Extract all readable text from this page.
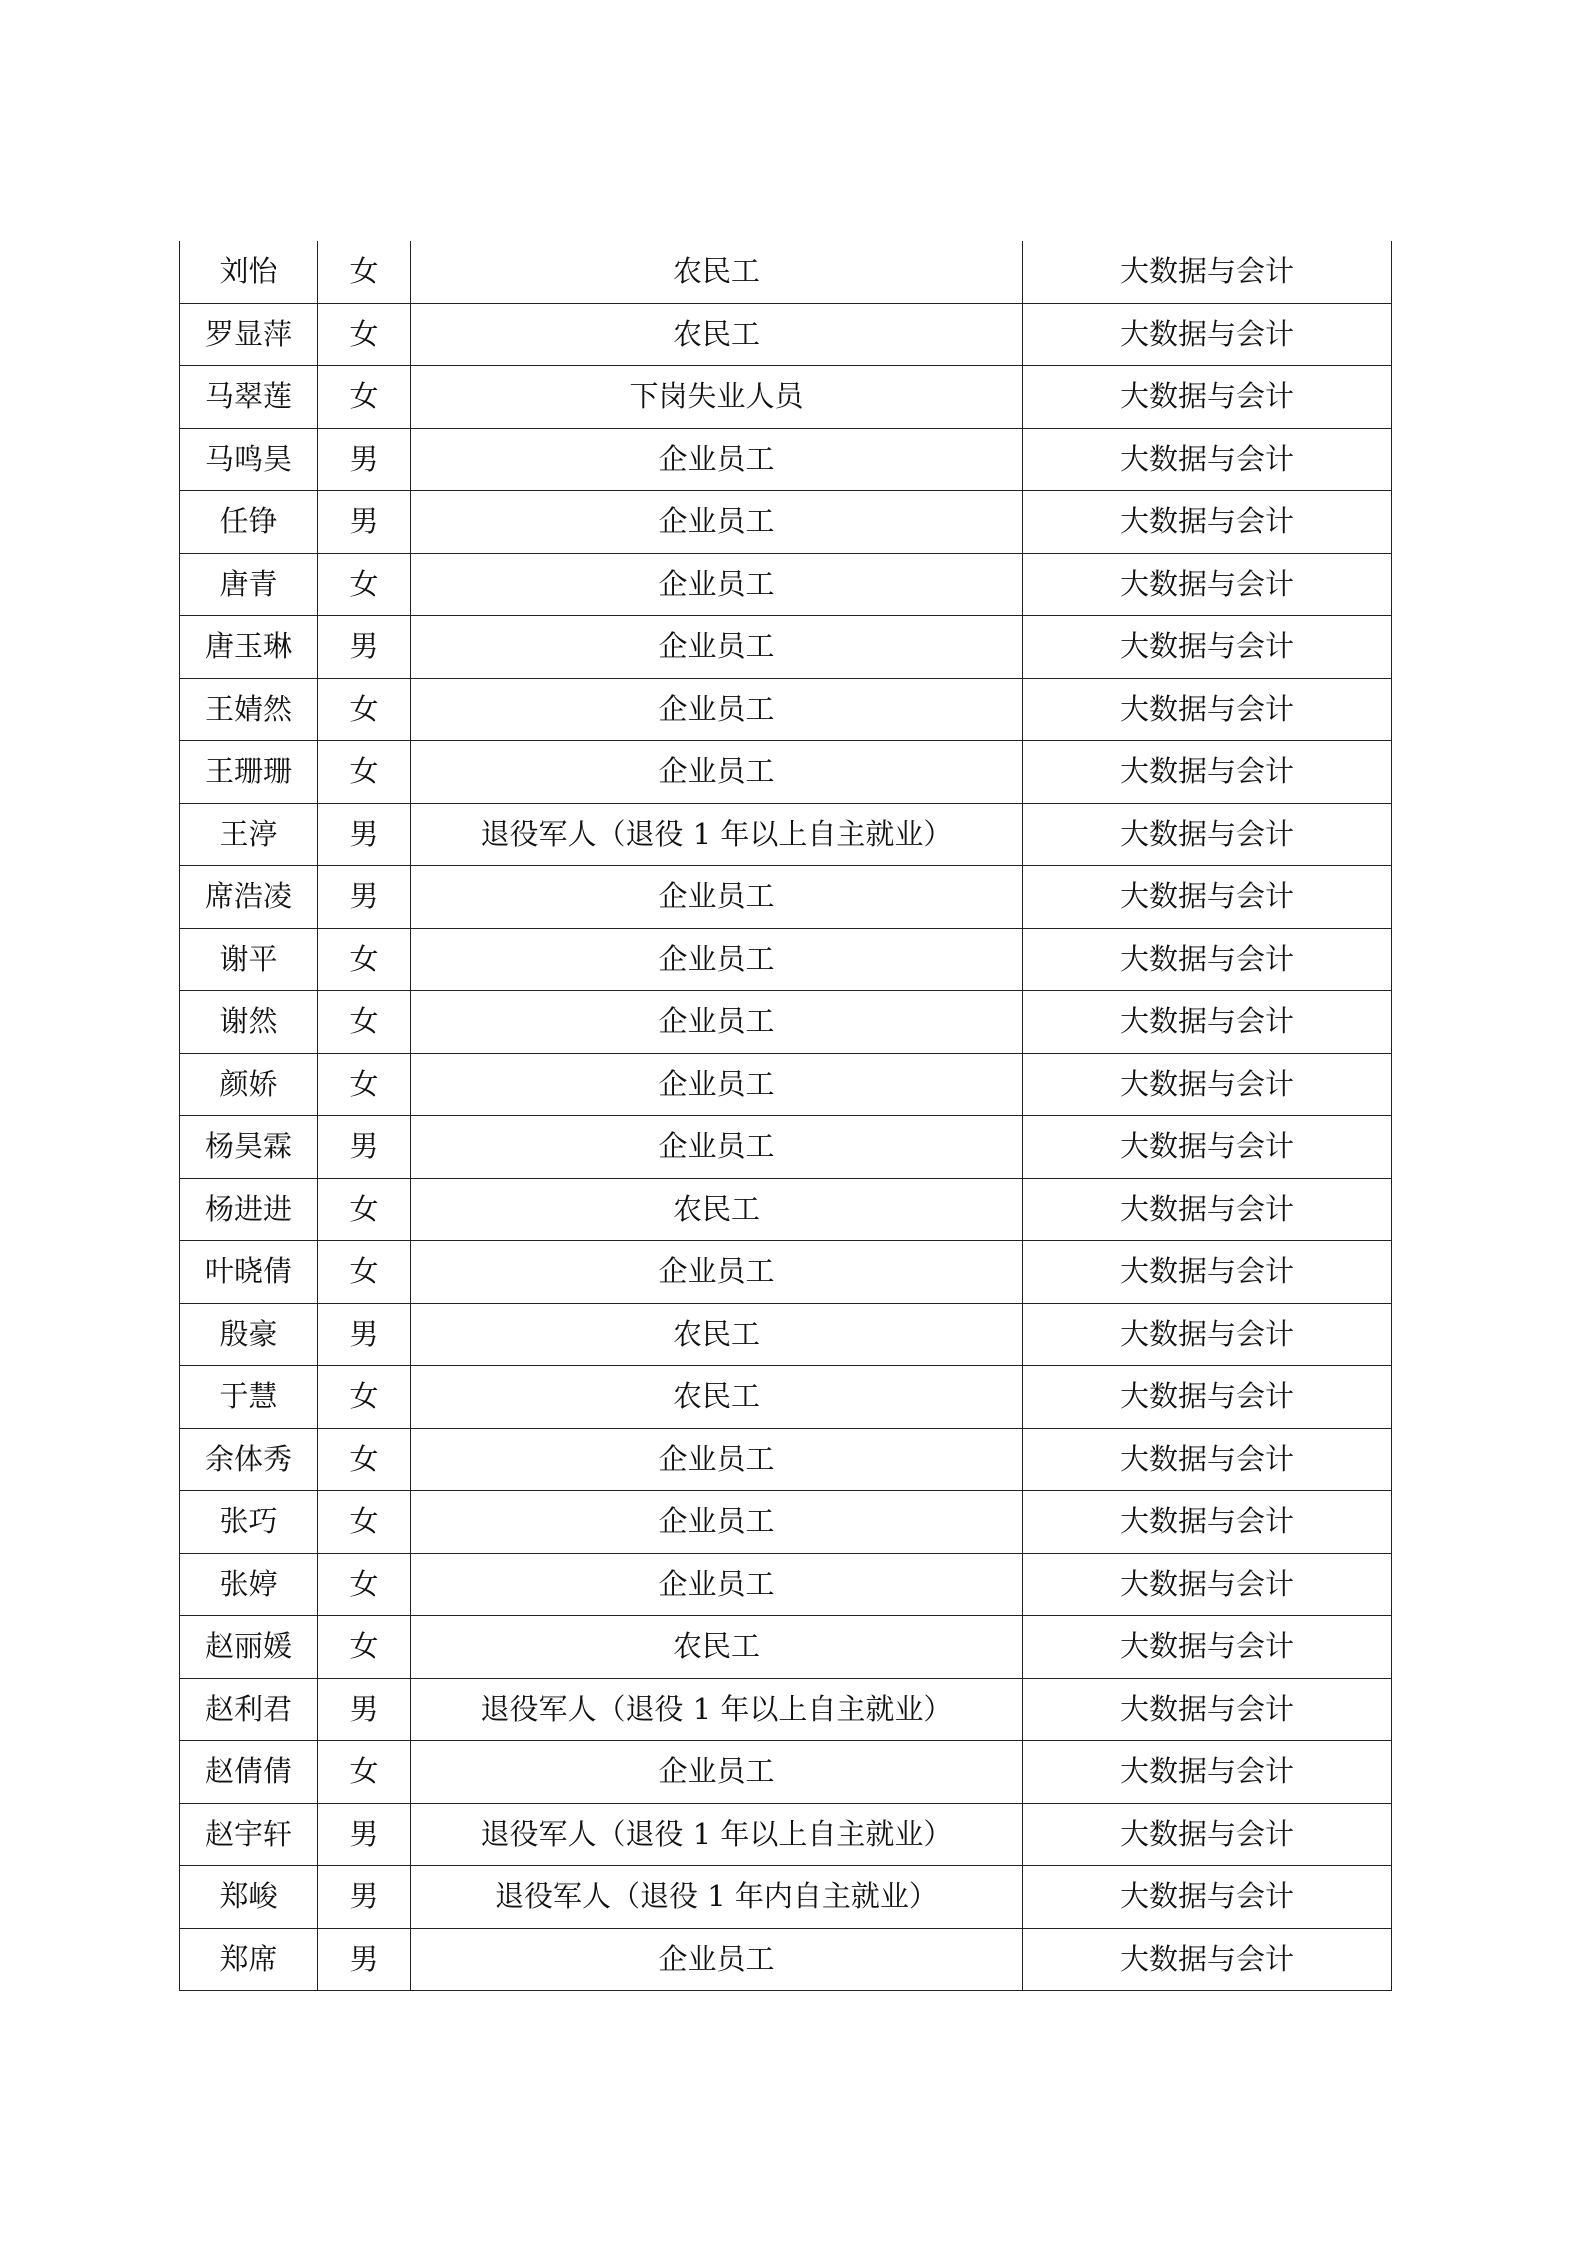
刘怡	女	农民工	大数据与会计
罗显萍	女	农民工	大数据与会计
马翠莲	女	下岗失业人员	大数据与会计
马鸣昊	男	企业员工	大数据与会计
任铮	男	企业员工	大数据与会计
唐青	女	企业员工	大数据与会计
唐玉琳	男	企业员工	大数据与会计
王婧然	女	企业员工	大数据与会计
王珊珊	女	企业员工	大数据与会计
王渟	男	退役军人（退役 1 年以上自主就业）	大数据与会计
席浩凌	男	企业员工	大数据与会计
谢平	女	企业员工	大数据与会计
谢然	女	企业员工	大数据与会计
颜娇	女	企业员工	大数据与会计
杨昊霖	男	企业员工	大数据与会计
杨进进	女	农民工	大数据与会计
叶晓倩	女	企业员工	大数据与会计
殷豪	男	农民工	大数据与会计
于慧	女	农民工	大数据与会计
余体秀	女	企业员工	大数据与会计
张巧	女	企业员工	大数据与会计
张婷	女	企业员工	大数据与会计
赵丽媛	女	农民工	大数据与会计
赵利君	男	退役军人（退役 1 年以上自主就业）	大数据与会计
赵倩倩	女	企业员工	大数据与会计
赵宇轩	男	退役军人（退役 1 年以上自主就业）	大数据与会计
郑峻	男	退役军人（退役 1 年内自主就业）	大数据与会计
郑席	男	企业员工	大数据与会计
